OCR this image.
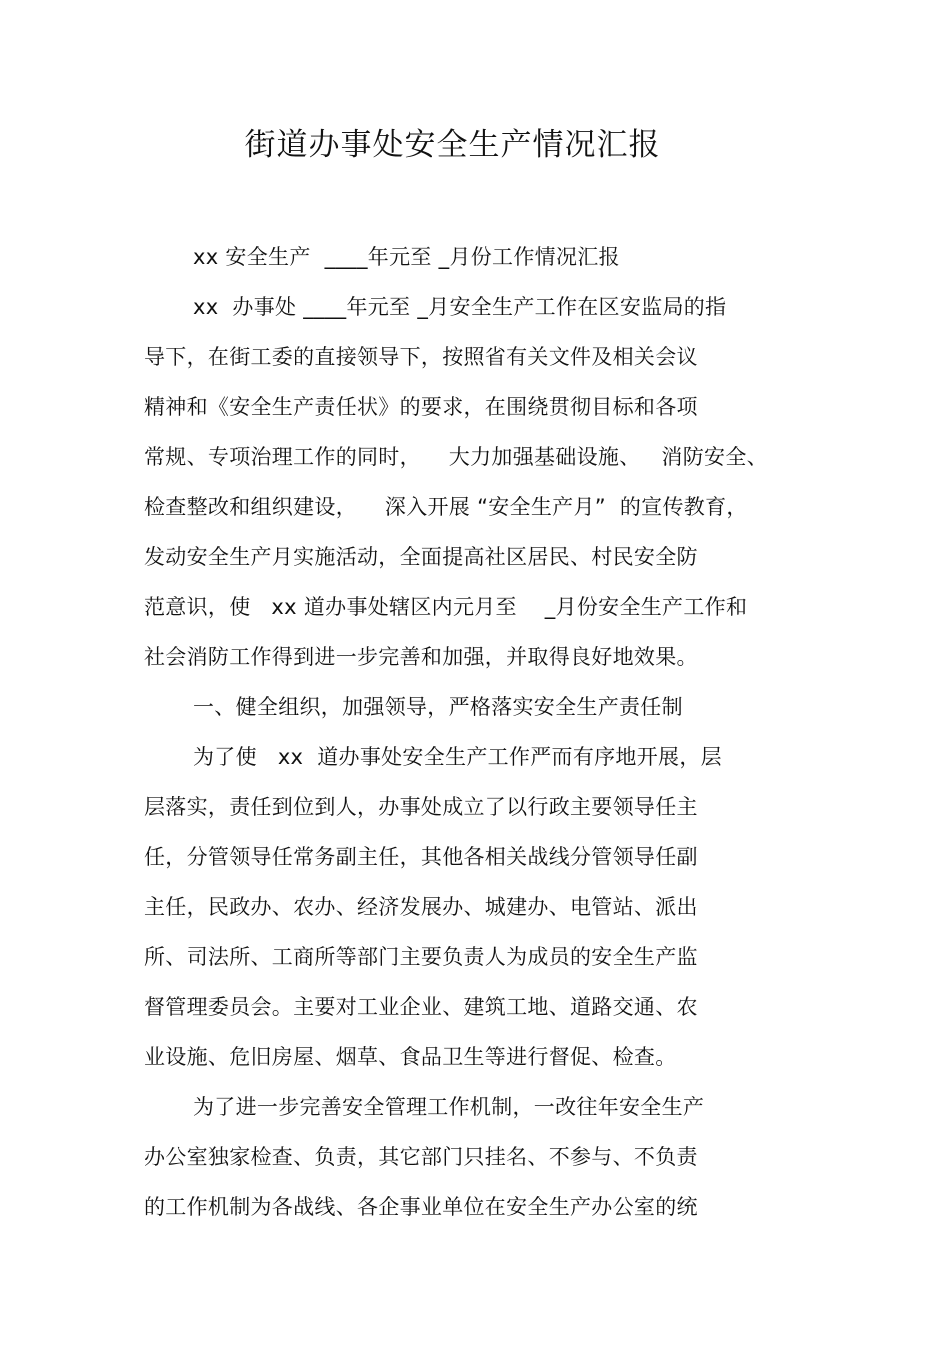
街道办事处安全生产情况汇报
xx 安全生产  ____年元至 _月份工作情况汇报
xx  办事处 ____年元至 _月安全生产工作在区安监局的指
导下，在街工委的直接领导下，按照省有关文件及相关会议
精神和《安全生产责任状》的要求，在围绕贯彻目标和各项
常规、专项治理工作的同时，    大力加强基础设施、   消防安全、
检查整改和组织建设，    深入开展 “安全生产月”  的宣传教育，
发动安全生产月实施活动，全面提高社区居民、村民安全防
范意识，使   xx 道办事处辖区内元月至    _月份安全生产工作和
社会消防工作得到进一步完善和加强，并取得良好地效果。
一、健全组织，加强领导，严格落实安全生产责任制
为了使   xx  道办事处安全生产工作严而有序地开展，层
层落实，责任到位到人，办事处成立了以行政主要领导任主
任，分管领导任常务副主任，其他各相关战线分管领导任副
主任，民政办、农办、经济发展办、城建办、电管站、派出
所、司法所、工商所等部门主要负责人为成员的安全生产监
督管理委员会。主要对工业企业、建筑工地、道路交通、农
业设施、危旧房屋、烟草、食品卫生等进行督促、检查。
为了进一步完善安全管理工作机制，一改往年安全生产
办公室独家检查、负责，其它部门只挂名、不参与、不负责
的工作机制为各战线、各企事业单位在安全生产办公室的统
